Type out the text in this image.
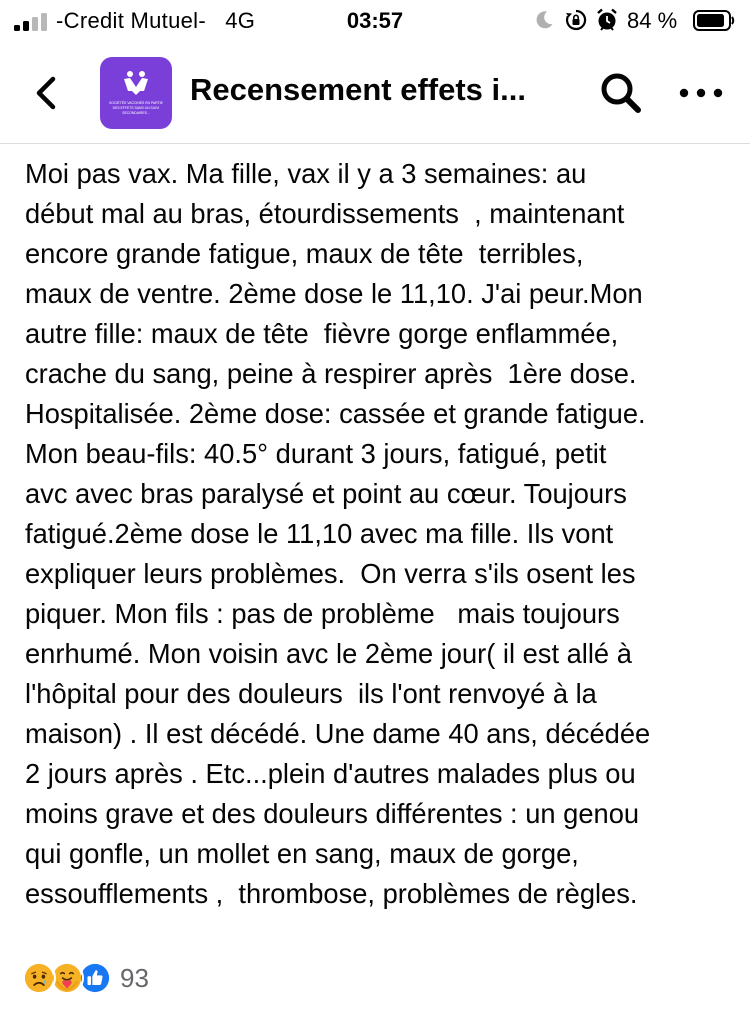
-Credit Mutuel- 4G	03:57	84 %
SOCIÉTÉS VACCINÉS EN PARTIE
DES EFFETS SANS UN SUIVI
SECONDAIRES...
Recensement effets i...
Moi pas vax. Ma fille, vax il y a 3 semaines: au
début mal au bras, étourdissements  , maintenant
encore grande fatigue, maux de tête  terribles,
maux de ventre. 2ème dose le 11,10. J'ai peur.Mon
autre fille: maux de tête  fièvre gorge enflammée,
crache du sang, peine à respirer après  1ère dose.
Hospitalisée. 2ème dose: cassée et grande fatigue.
Mon beau-fils: 40.5° durant 3 jours, fatigué, petit
avc avec bras paralysé et point au cœur. Toujours
fatigué.2ème dose le 11,10 avec ma fille. Ils vont
expliquer leurs problèmes.  On verra s'ils osent les
piquer. Mon fils : pas de problème   mais toujours
enrhumé. Mon voisin avc le 2ème jour( il est allé à
l'hôpital pour des douleurs  ils l'ont renvoyé à la
maison) . Il est décédé. Une dame 40 ans, décédée
2 jours après . Etc...plein d'autres malades plus ou
moins grave et des douleurs différentes : un genou
qui gonfle, un mollet en sang, maux de gorge,
essoufflements ,  thrombose, problèmes de règles.
93
